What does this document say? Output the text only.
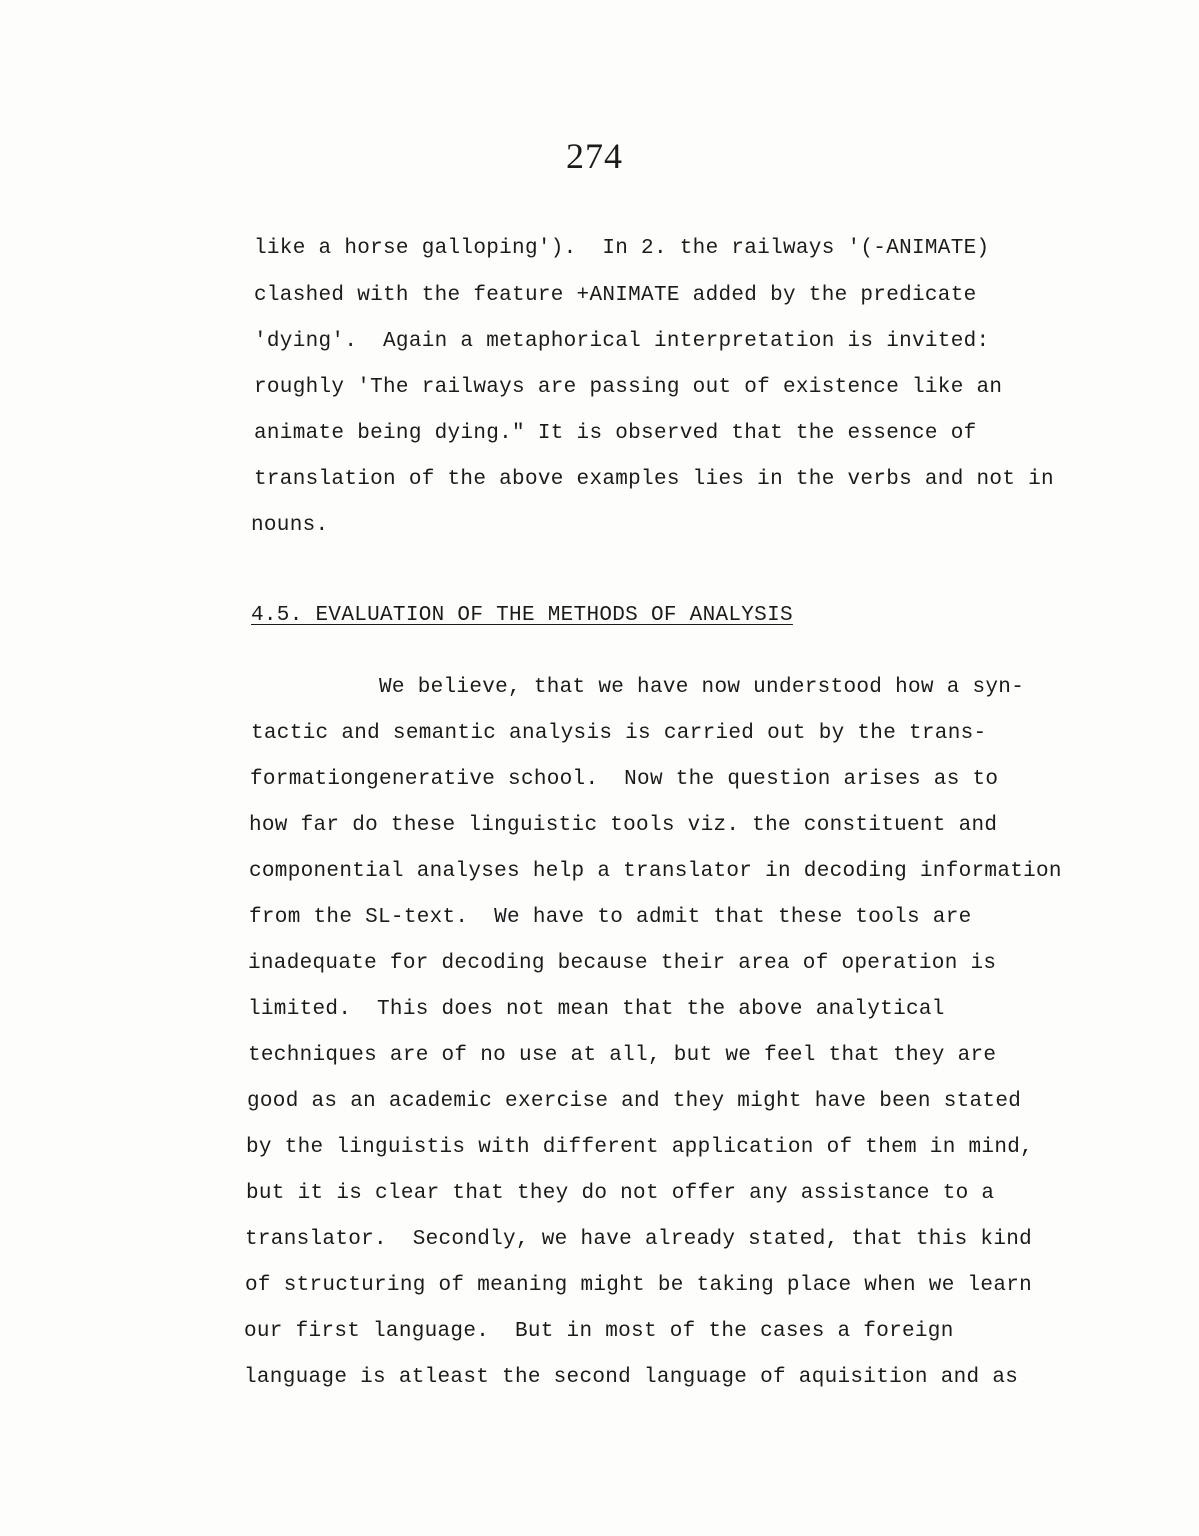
274
like a horse galloping').  In 2. the railways '(-ANIMATE)
clashed with the feature +ANIMATE added by the predicate
'dying'.  Again a metaphorical interpretation is invited:
roughly 'The railways are passing out of existence like an
animate being dying." It is observed that the essence of
translation of the above examples lies in the verbs and not in
nouns.
4.5. EVALUATION OF THE METHODS OF ANALYSIS
We believe, that we have now understood how a syn-
tactic and semantic analysis is carried out by the trans-
formationgenerative school.  Now the question arises as to
how far do these linguistic tools viz. the constituent and
componential analyses help a translator in decoding information
from the SL-text.  We have to admit that these tools are
inadequate for decoding because their area of operation is
limited.  This does not mean that the above analytical
techniques are of no use at all, but we feel that they are
good as an academic exercise and they might have been stated
by the linguistis with different application of them in mind,
but it is clear that they do not offer any assistance to a
translator.  Secondly, we have already stated, that this kind
of structuring of meaning might be taking place when we learn
our first language.  But in most of the cases a foreign
language is atleast the second language of aquisition and as
